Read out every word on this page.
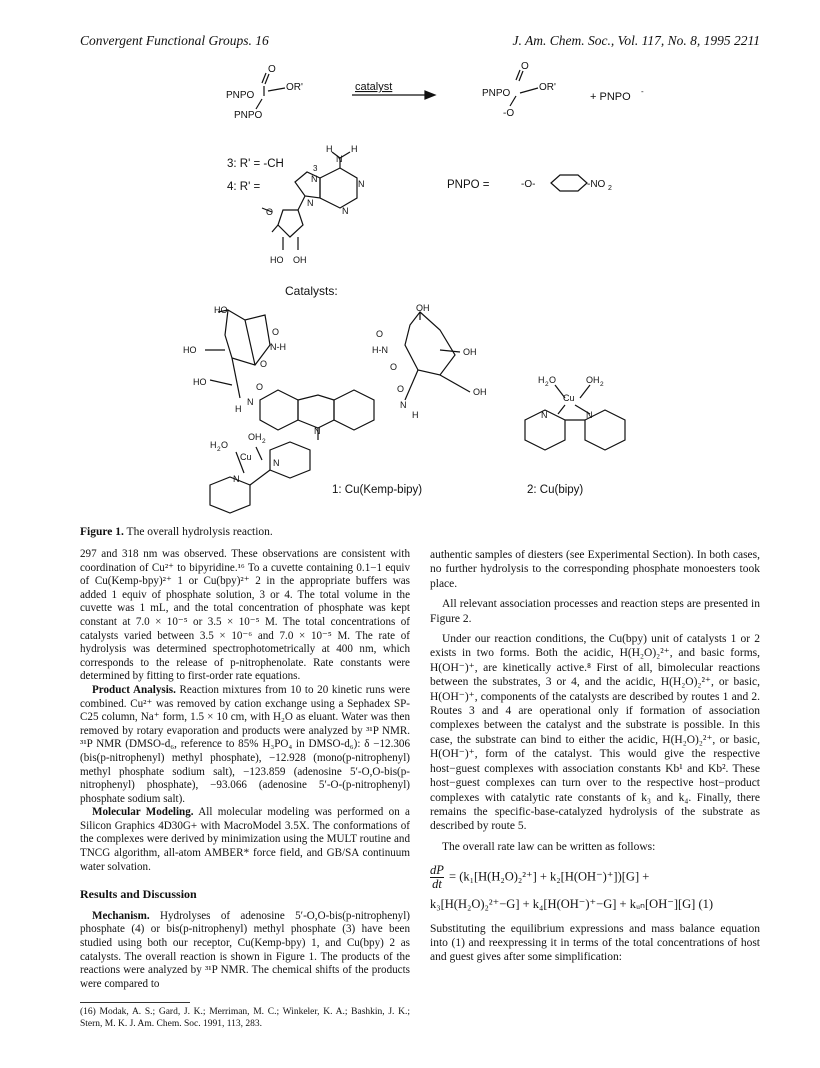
Convergent Functional Groups. 16	J. Am. Chem. Soc., Vol. 117, No. 8, 1995 2211
O
PNPO
OR'
PNPO
catalyst
O
PNPO
OR'
-O
+ PNPO -
3: R' = -CH	3
4: R' =
H
N
H
N	N
N
N
O
HO OH
PNPO =	-O-	-NO 2
Catalysts:
HO
HO
HO
O
N-H
O
O
H
N
OH
O
H-N
O
OH
O	OH
N
H
N
H 2 O
OH 2
Cu
N
N
1: Cu(Kemp-bipy)
H 2 O	OH 2
Cu
N	N
2: Cu(bipy)
Figure 1. The overall hydrolysis reaction.

297 and 318 nm was observed. These observations are consistent with coordination of Cu²⁺ to bipyridine.¹⁶ To a cuvette containing 0.1−1 equiv of Cu(Kemp-bpy)²⁺ 1 or Cu(bpy)²⁺ 2 in the appropriate buffers was added 1 equiv of phosphate solution, 3 or 4. The total volume in the cuvette was 1 mL, and the total concentration of phosphate was kept constant at 7.0 × 10⁻⁵ or 3.5 × 10⁻⁵ M. The total concentrations of catalysts varied between 3.5 × 10⁻⁶ and 7.0 × 10⁻⁵ M. The rate of hydrolysis was determined spectrophotometrically at 400 nm, which corresponds to the release of p-nitrophenolate. Rate constants were determined by fitting to first-order rate equations.

Product Analysis. Reaction mixtures from 10 to 20 kinetic runs were combined. Cu²⁺ was removed by cation exchange using a Sephadex SP-C25 column, Na⁺ form, 1.5 × 10 cm, with H₂O as eluant. Water was then removed by rotary evaporation and products were analyzed by ³¹P NMR. ³¹P NMR (DMSO-d₆, reference to 85% H₃PO₄ in DMSO-d₆): δ −12.306 (bis(p-nitrophenyl) methyl phosphate), −12.928 (mono(p-nitrophenyl) methyl phosphate sodium salt), −123.859 (adenosine 5′-O,O-bis(p-nitrophenyl) phosphate), −93.066 (adenosine 5′-O-(p-nitrophenyl) phosphate sodium salt).

Molecular Modeling. All molecular modeling was performed on a Silicon Graphics 4D30G+ with MacroModel 3.5X. The conformations of the complexes were derived by minimization using the MULT routine and TNCG algorithm, all-atom AMBER* force field, and GB/SA continuum water solvation.

Results and Discussion

Mechanism. Hydrolyses of adenosine 5′-O,O-bis(p-nitrophenyl) phosphate (4) or bis(p-nitrophenyl) methyl phosphate (3) have been studied using both our receptor, Cu(Kemp-bpy) 1, and Cu(bpy) 2 as catalysts. The overall reaction is shown in Figure 1. The products of the reactions were analyzed by ³¹P NMR. The chemical shifts of the products were compared to

(16) Modak, A. S.; Gard, J. K.; Merriman, M. C.; Winkeler, K. A.; Bashkin, J. K.; Stern, M. K. J. Am. Chem. Soc. 1991, 113, 283.

authentic samples of diesters (see Experimental Section). In both cases, no further hydrolysis to the corresponding phosphate monoesters took place.

All relevant association processes and reaction steps are presented in Figure 2.

Under our reaction conditions, the Cu(bpy) unit of catalysts 1 or 2 exists in two forms. Both the acidic, H(H₂O)₂²⁺, and basic forms, H(OH⁻)⁺, are kinetically active.⁸ First of all, bimolecular reactions between the substrates, 3 or 4, and the acidic, H(H₂O)₂²⁺, or basic, H(OH⁻)⁺, components of the catalysts are described by routes 1 and 2. Routes 3 and 4 are operational only if formation of association complexes between the catalyst and the substrate is possible. In this case, the substrate can bind to either the acidic, H(H₂O)₂²⁺, or basic, H(OH⁻)⁺, form of the catalyst. This would give the respective host−guest complexes with association constants Kb¹ and Kb². These host−guest complexes can turn over to the respective host−product complexes with catalytic rate constants of k₃ and k₄. Finally, there remains the specific-base-catalyzed hydrolysis of the substrate as described by route 5.

The overall rate law can be written as follows:

$\frac{dP}{dt} = (k_1[H(H_2O)_2^{2+}] + k_2[H(OH^-)^+])[G]$ +
k₃[H(H₂O)₂²⁺−G] + k₄[H(OH⁻)⁺−G] + kᵤₙ[OH⁻][G] (1)

Substituting the equilibrium expressions and mass balance equation into (1) and reexpressing it in terms of the total concentrations of host and guest gives after some simplification:
